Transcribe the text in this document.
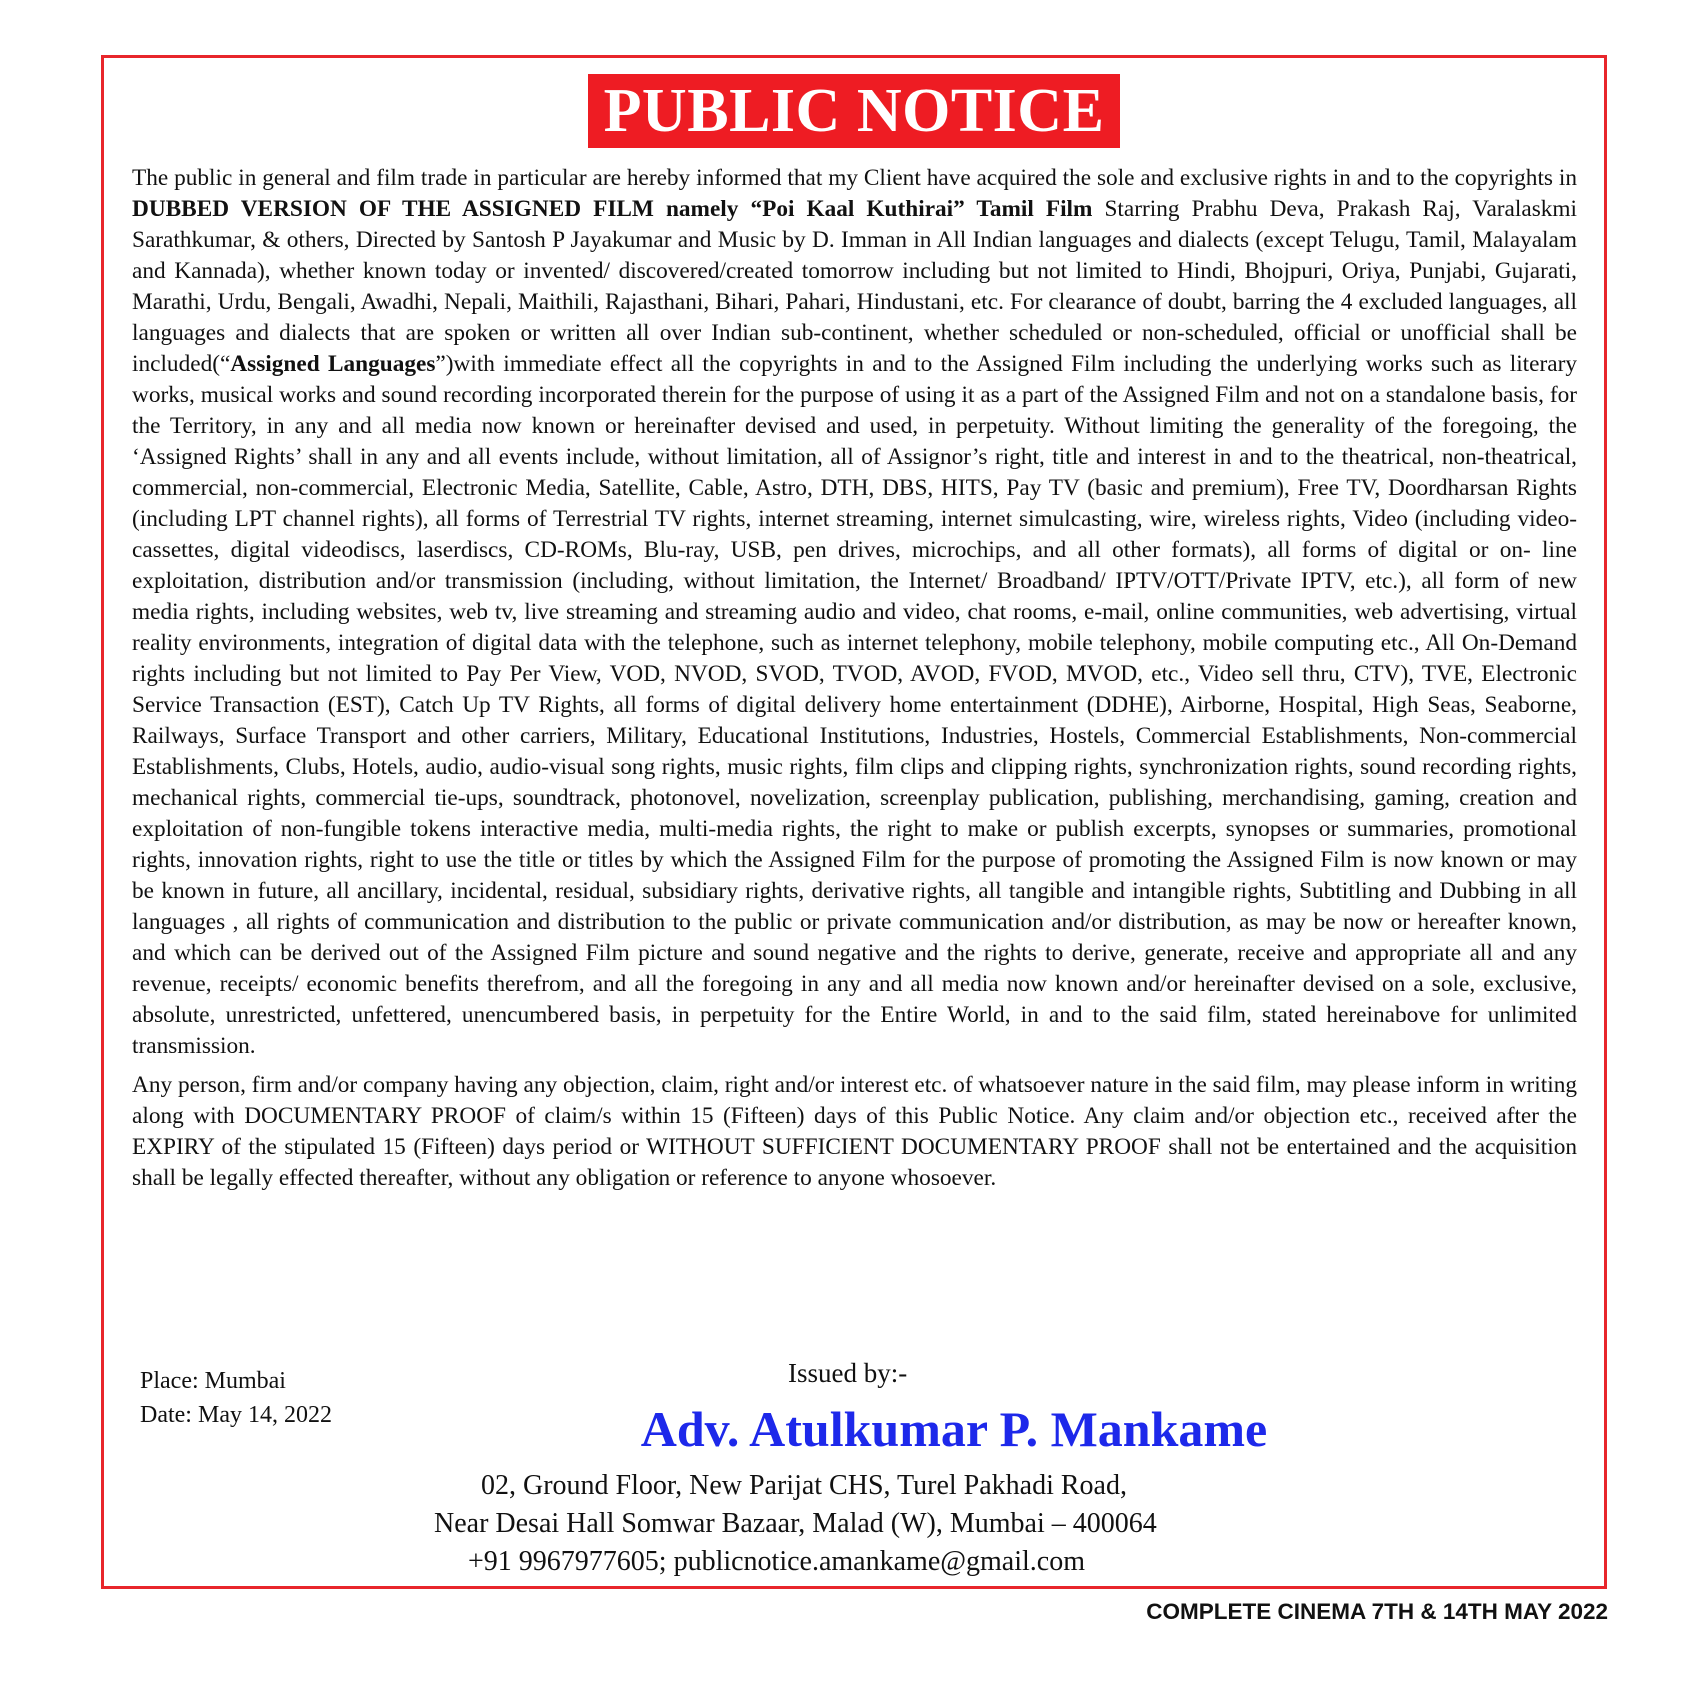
PUBLIC NOTICE

The public in general and film trade in particular are hereby informed that my Client have acquired the sole and exclusive rights in and to the copyrights in DUBBED VERSION OF THE ASSIGNED FILM namely “Poi Kaal Kuthirai” Tamil Film Starring Prabhu Deva, Prakash Raj, Varalaskmi Sarathkumar, & others, Directed by Santosh P Jayakumar and Music by D. Imman in All Indian languages and dialects (except Telugu, Tamil, Malayalam and Kannada), whether known today or invented/ discovered/created tomorrow including but not limited to Hindi, Bhojpuri, Oriya, Punjabi, Gujarati, Marathi, Urdu, Bengali, Awadhi, Nepali, Maithili, Rajasthani, Bihari, Pahari, Hindustani, etc. For clearance of doubt, barring the 4 excluded languages, all languages and dialects that are spoken or written all over Indian sub-continent, whether scheduled or non-scheduled, official or unofficial shall be included(“Assigned Languages”)with immediate effect all the copyrights in and to the Assigned Film including the underlying works such as literary works, musical works and sound recording incorporated therein for the purpose of using it as a part of the Assigned Film and not on a standalone basis, for the Territory, in any and all media now known or hereinafter devised and used, in perpetuity. Without limiting the generality of the foregoing, the ‘Assigned Rights’ shall in any and all events include, without limitation, all of Assignor’s right, title and interest in and to the theatrical, non-theatrical, commercial, non-commercial, Electronic Media, Satellite, Cable, Astro, DTH, DBS, HITS, Pay TV (basic and premium), Free TV, Doordharsan Rights (including LPT channel rights), all forms of Terrestrial TV rights, internet streaming, internet simulcasting, wire, wireless rights, Video (including video-cassettes, digital videodiscs, laserdiscs, CD-ROMs, Blu-ray, USB, pen drives, microchips, and all other formats), all forms of digital or on- line exploitation, distribution and/or transmission (including, without limitation, the Internet/ Broadband/ IPTV/OTT/Private IPTV, etc.), all form of new media rights, including websites, web tv, live streaming and streaming audio and video, chat rooms, e-mail, online communities, web advertising, virtual reality environments, integration of digital data with the telephone, such as internet telephony, mobile telephony, mobile computing etc., All On-Demand rights including but not limited to Pay Per View, VOD, NVOD, SVOD, TVOD, AVOD, FVOD, MVOD, etc., Video sell thru, CTV), TVE, Electronic Service Transaction (EST), Catch Up TV Rights, all forms of digital delivery home entertainment (DDHE), Airborne, Hospital, High Seas, Seaborne, Railways, Surface Transport and other carriers, Military, Educational Institutions, Industries, Hostels, Commercial Establishments, Non-commercial Establishments, Clubs, Hotels, audio, audio-visual song rights, music rights, film clips and clipping rights, synchronization rights, sound recording rights, mechanical rights, commercial tie-ups, soundtrack, photonovel, novelization, screenplay publication, publishing, merchandising, gaming, creation and exploitation of non-fungible tokens interactive media, multi-media rights, the right to make or publish excerpts, synopses or summaries, promotional rights, innovation rights, right to use the title or titles by which the Assigned Film for the purpose of promoting the Assigned Film is now known or may be known in future, all ancillary, incidental, residual, subsidiary rights, derivative rights, all tangible and intangible rights, Subtitling and Dubbing in all languages , all rights of communication and distribution to the public or private communication and/or distribution, as may be now or hereafter known, and which can be derived out of the Assigned Film picture and sound negative and the rights to derive, generate, receive and appropriate all and any revenue, receipts/ economic benefits therefrom, and all the foregoing in any and all media now known and/or hereinafter devised on a sole, exclusive, absolute, unrestricted, unfettered, unencumbered basis, in perpetuity for the Entire World, in and to the said film, stated hereinabove for unlimited transmission.

Any person, firm and/or company having any objection, claim, right and/or interest etc. of whatsoever nature in the said film, may please inform in writing along with DOCUMENTARY PROOF of claim/s within 15 (Fifteen) days of this Public Notice. Any claim and/or objection etc., received after the EXPIRY of the stipulated 15 (Fifteen) days period or WITHOUT SUFFICIENT DOCUMENTARY PROOF shall not be entertained and the acquisition shall be legally effected thereafter, without any obligation or reference to anyone whosoever.

Place: Mumbai
Date: May 14, 2022
Issued by:-
Adv. Atulkumar P. Mankame
02, Ground Floor, New Parijat CHS, Turel Pakhadi Road,
Near Desai Hall Somwar Bazaar, Malad (W), Mumbai – 400064
+91 9967977605; publicnotice.amankame@gmail.com
COMPLETE CINEMA 7TH & 14TH MAY 2022
